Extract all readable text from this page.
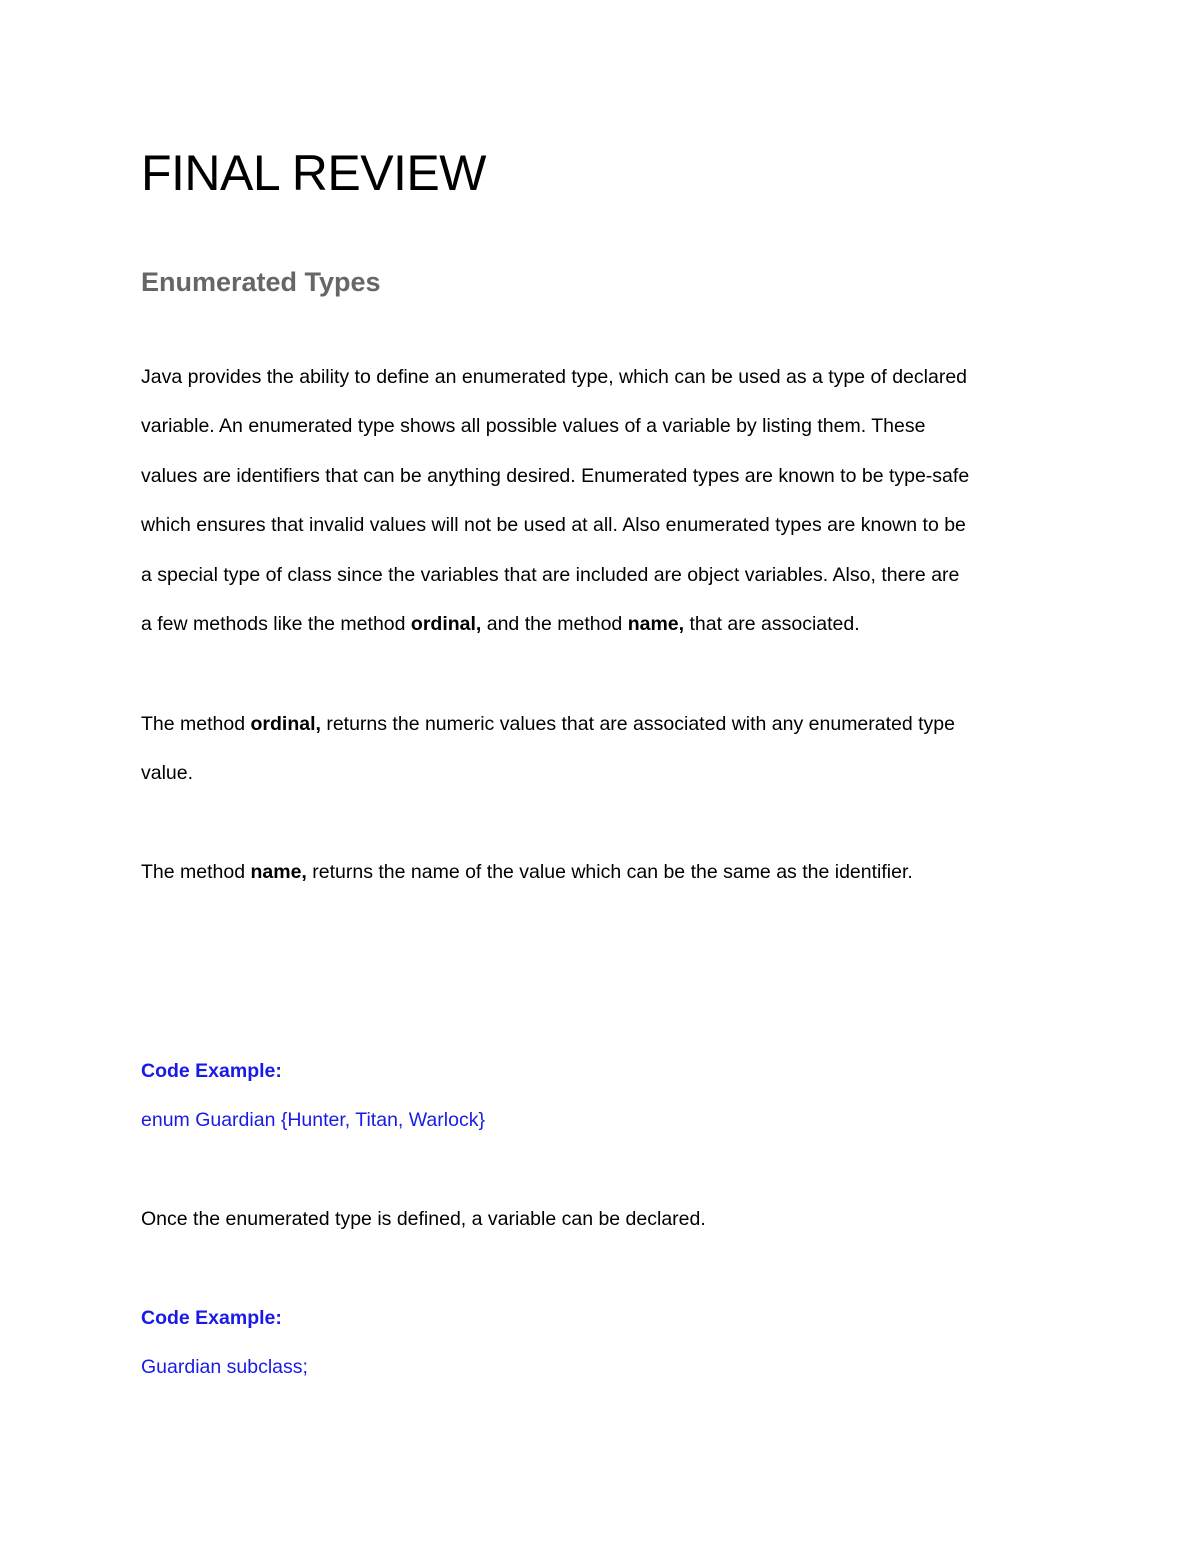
FINAL REVIEW
Enumerated Types

Java provides the ability to define an enumerated type, which can be used as a type of declared
variable. An enumerated type shows all possible values of a variable by listing them. These
values are identifiers that can be anything desired. Enumerated types are known to be type-safe
which ensures that invalid values will not be used at all. Also enumerated types are known to be
a special type of class since the variables that are included are object variables. Also, there are
a few methods like the method ordinal, and the method name, that are associated.

The method ordinal, returns the numeric values that are associated with any enumerated type
value.

The method name, returns the name of the value which can be the same as the identifier.

Code Example:

enum Guardian {Hunter, Titan, Warlock}

Once the enumerated type is defined, a variable can be declared.

Code Example:

Guardian subclass;
